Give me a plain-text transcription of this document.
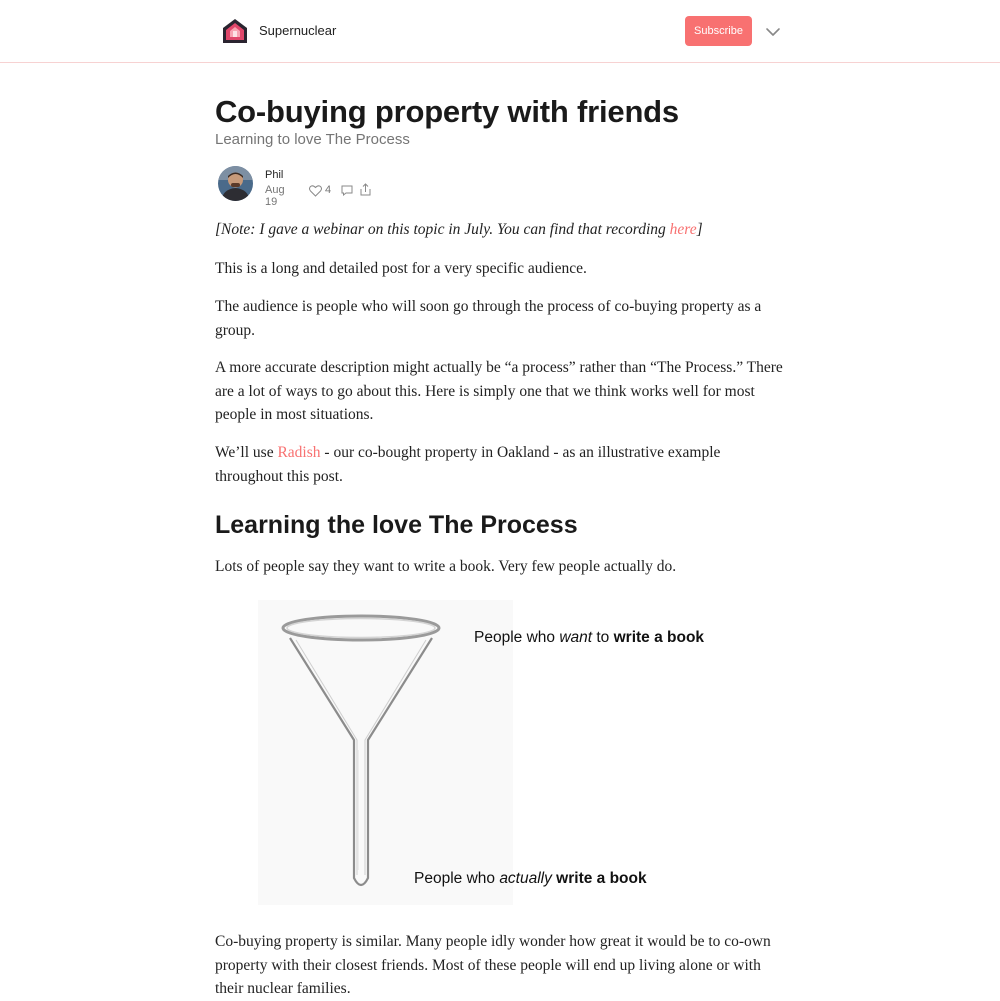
Supernuclear	Subscribe
Co-buying property with friends
Learning to love The Process
Phil
Aug 19
4

[Note: I gave a webinar on this topic in July. You can find that recording here]

This is a long and detailed post for a very specific audience.

The audience is people who will soon go through the process of co-buying property as a group.

A more accurate description might actually be “a process” rather than “The Process.” There are a lot of ways to go about this. Here is simply one that we think works well for most people in most situations.

We’ll use Radish - our co-bought property in Oakland - as an illustrative example throughout this post.

Learning the love The Process

Lots of people say they want to write a book. Very few people actually do.

People who want to write a book
People who actually write a book

Co-buying property is similar. Many people idly wonder how great it would be to co-own property with their closest friends. Most of these people will end up living alone or with their nuclear families.
